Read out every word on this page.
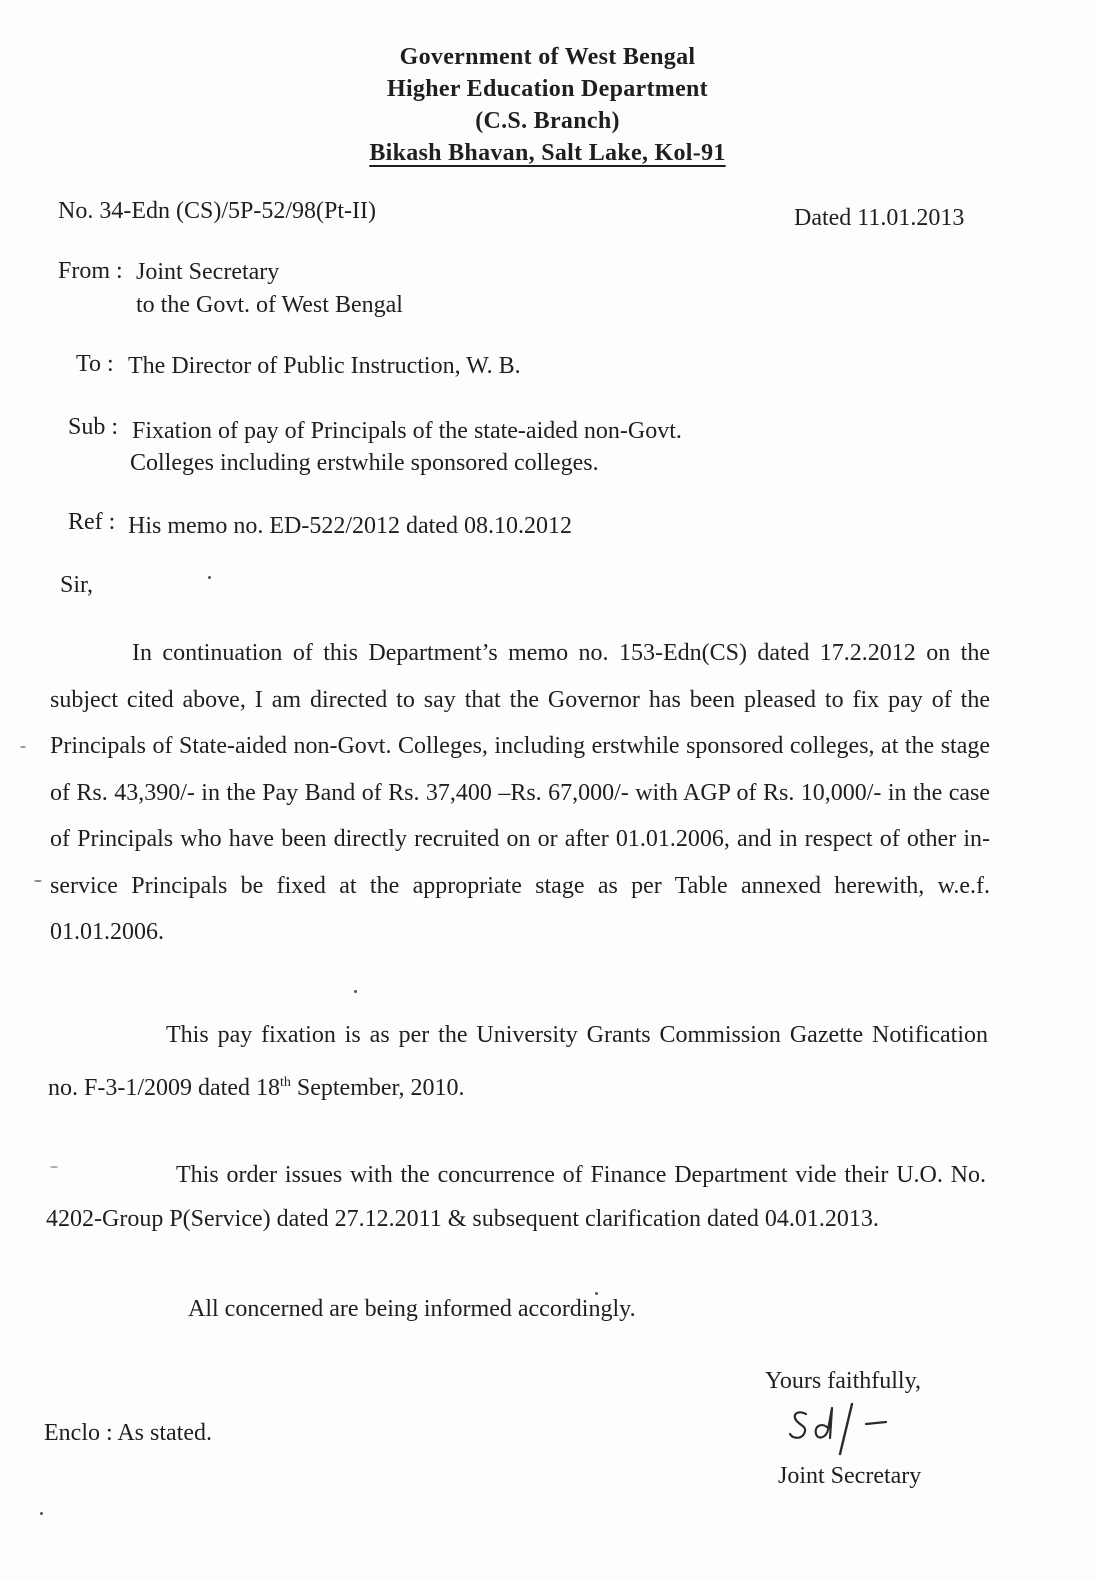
Government of West Bengal
Higher Education Department
(C.S. Branch)
Bikash Bhavan, Salt Lake, Kol-91
No. 34-Edn (CS)/5P-52/98(Pt-II)	Dated 11.01.2013
From : Joint Secretary
to the Govt. of West Bengal
To : The Director of Public Instruction, W. B.
Sub : Fixation of pay of Principals of the state-aided non-Govt.
Colleges including erstwhile sponsored colleges.
Ref : His memo no. ED-522/2012 dated 08.10.2012
Sir,
In continuation of this Department’s memo no. 153-Edn(CS) dated 17.2.2012 on the subject cited above, I am directed to say that the Governor has been pleased to fix pay of the Principals of State-aided non-Govt. Colleges, including erstwhile sponsored colleges, at the stage of Rs. 43,390/- in the Pay Band of Rs. 37,400 –Rs. 67,000/- with AGP of Rs. 10,000/- in the case of Principals who have been directly recruited on or after 01.01.2006, and in respect of other in- service Principals be fixed at the appropriate stage as per Table annexed herewith, w.e.f. 01.01.2006.
This pay fixation is as per the University Grants Commission Gazette Notification no. F-3-1/2009 dated 18th September, 2010.
This order issues with the concurrence of Finance Department vide their U.O. No. 4202-Group P(Service) dated 27.12.2011 & subsequent clarification dated 04.01.2013.
All concerned are being informed accordingly.
Yours faithfully,
Joint Secretary
Enclo : As stated.
